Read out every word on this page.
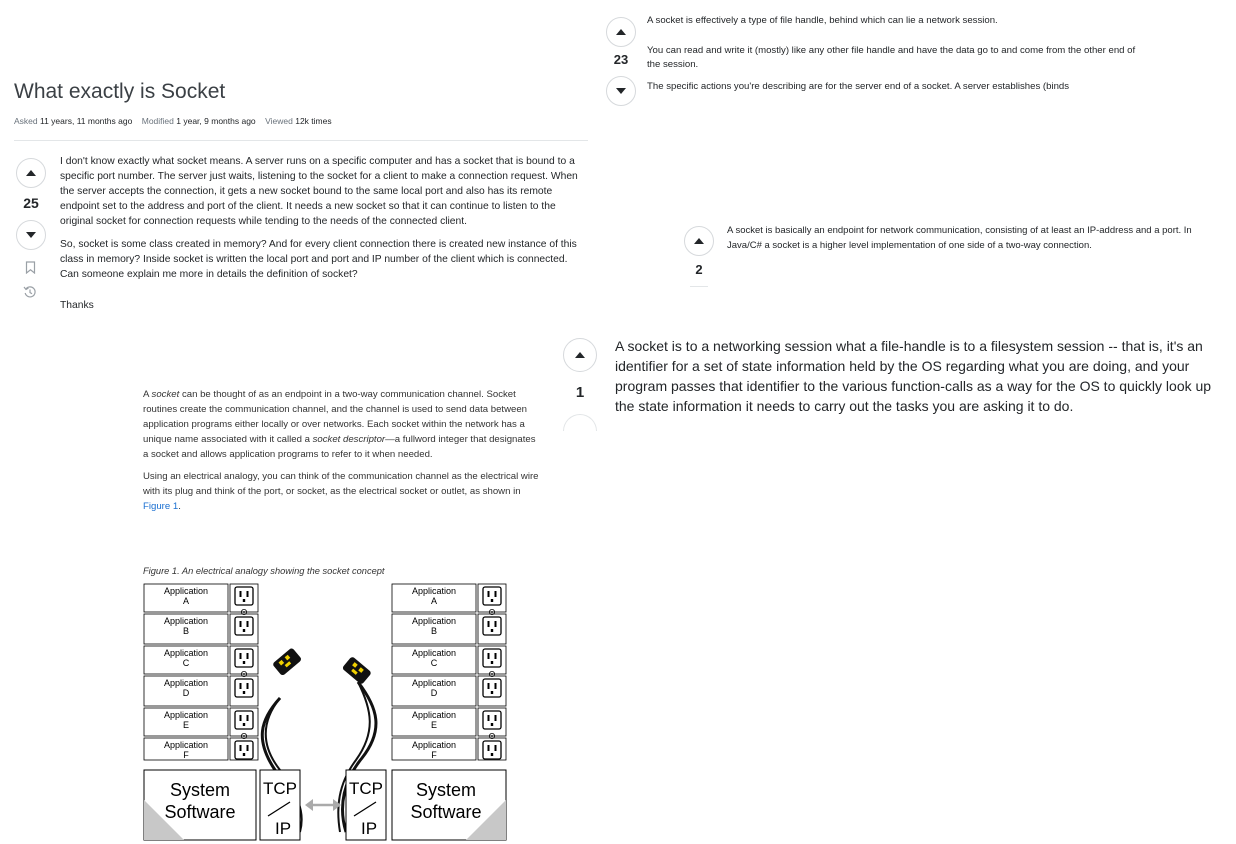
What exactly is Socket
Asked 11 years, 11 months ago Modified 1 year, 9 months ago Viewed 12k times
25

I don't know exactly what socket means. A server runs on a specific computer and has a socket that is bound to a specific port number. The server just waits, listening to the socket for a client to make a connection request. When the server accepts the connection, it gets a new socket bound to the same local port and also has its remote endpoint set to the address and port of the client. It needs a new socket so that it can continue to listen to the original socket for connection requests while tending to the needs of the connected client.

So, socket is some class created in memory? And for every client connection there is created new instance of this class in memory? Inside socket is written the local port and port and IP number of the client which is connected. Can someone explain me more in details the definition of socket?

Thanks

A socket can be thought of as an endpoint in a two-way communication channel. Socket routines create the communication channel, and the channel is used to send data between application programs either locally or over networks. Each socket within the network has a unique name associated with it called a socket descriptor—a fullword integer that designates a socket and allows application programs to refer to it when needed.

Using an electrical analogy, you can think of the communication channel as the electrical wire with its plug and think of the port, or socket, as the electrical socket or outlet, as shown in Figure 1.

Figure 1. An electrical analogy showing the socket concept
Application
A
Application
B
Application
C
Application
D
Application
E
Application
F
Application
A
Application
B
Application
C
Application
D
Application
E
Application
F
System
Software
TCP
IP
TCP
IP
System
Software
23
A socket is effectively a type of file handle, behind which can lie a network session.
You can read and write it (mostly) like any other file handle and have the data go to and come from the other end of the session.
The specific actions you're describing are for the server end of a socket. A server establishes (binds
2
A socket is basically an endpoint for network communication, consisting of at least an IP-address and a port. In Java/C# a socket is a higher level implementation of one side of a two-way connection.
1
A socket is to a networking session what a file-handle is to a filesystem session -- that is, it's an identifier for a set of state information held by the OS regarding what you are doing, and your program passes that identifier to the various function-calls as a way for the OS to quickly look up the state information it needs to carry out the tasks you are asking it to do.
